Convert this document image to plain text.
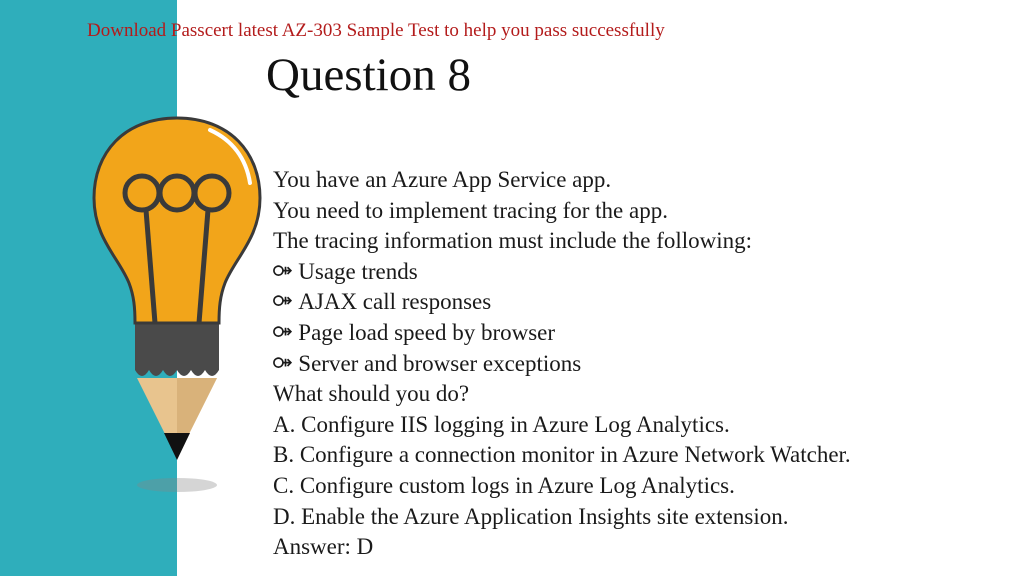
Download Passcert latest AZ-303 Sample Test to help you pass successfully
Question 8
You have an Azure App Service app.
You need to implement tracing for the app.
The tracing information must include the following:
⚩ Usage trends
⚩ AJAX call responses
⚩ Page load speed by browser
⚩ Server and browser exceptions
What should you do?
A. Configure IIS logging in Azure Log Analytics.
B. Configure a connection monitor in Azure Network Watcher.
C. Configure custom logs in Azure Log Analytics.
D. Enable the Azure Application Insights site extension.
Answer: D
